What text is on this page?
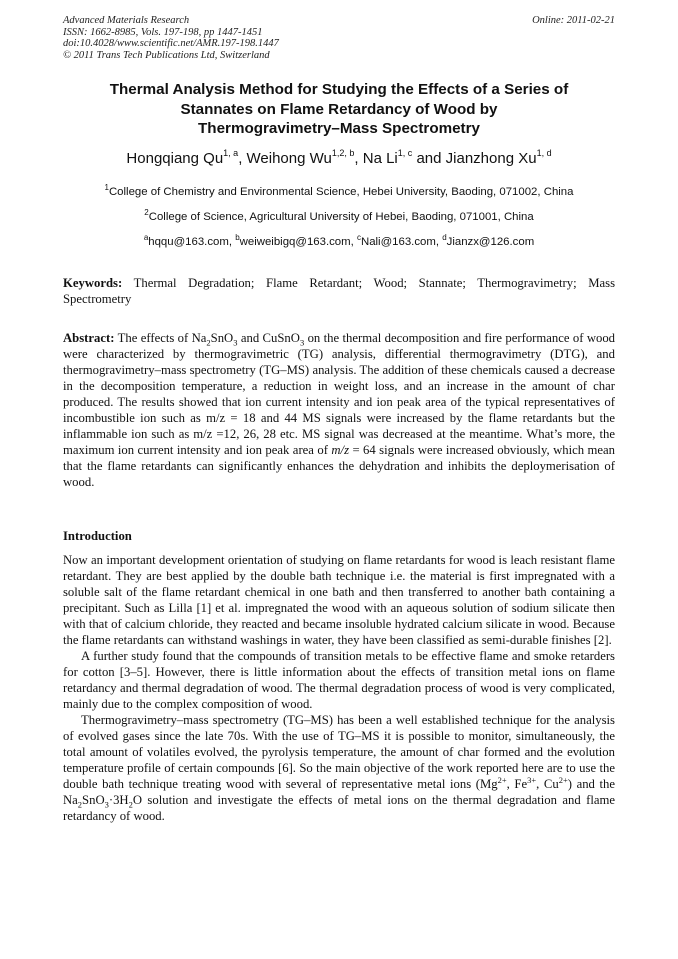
Advanced Materials Research
ISSN: 1662-8985, Vols. 197-198, pp 1447-1451
doi:10.4028/www.scientific.net/AMR.197-198.1447
© 2011 Trans Tech Publications Ltd, Switzerland
Online: 2011-02-21
Thermal Analysis Method for Studying the Effects of a Series of
Stannates on Flame Retardancy of Wood by
Thermogravimetry–Mass Spectrometry
Hongqiang Qu$^{1, a}$, Weihong Wu$^{1,2, b}$, Na Li$^{1, c}$ and Jianzhong Xu$^{1, d}$
$^1$College of Chemistry and Environmental Science, Hebei University, Baoding, 071002, China
$^2$College of Science, Agricultural University of Hebei, Baoding, 071001, China
$^a$hqqu@163.com, $^b$weiweibigq@163.com, $^c$Nali@163.com, $^d$Jianzx@126.com
Keywords: Thermal Degradation; Flame Retardant; Wood; Stannate; Thermogravimetry; Mass Spectrometry
Abstract: The effects of $Na_2SnO_3$ and CuSnO$_3$ on the thermal decomposition and fire performance of wood were characterized by thermogravimetric (TG) analysis, differential thermogravimetry (DTG), and thermogravimetry–mass spectrometry (TG–MS) analysis. The addition of these chemicals caused a decrease in the decomposition temperature, a reduction in weight loss, and an increase in the amount of char produced. The results showed that ion current intensity and ion peak area of the typical representatives of incombustible ion such as m/z = 18 and 44 MS signals were increased by the flame retardants but the inflammable ion such as m/z =12, 26, 28 etc. MS signal was decreased at the meantime. What’s more, the maximum ion current intensity and ion peak area of m/z = 64 signals were increased obviously, which mean that the flame retardants can significantly enhances the dehydration and inhibits the deploymerisation of wood.
Introduction

Now an important development orientation of studying on flame retardants for wood is leach resistant flame retardant. They are best applied by the double bath technique i.e. the material is first impregnated with a soluble salt of the flame retardant chemical in one bath and then transferred to another bath containing a precipitant. Such as Lilla [1] et al. impregnated the wood with an aqueous solution of sodium silicate then with that of calcium chloride, they reacted and became insoluble hydrated calcium silicate in wood. Because the flame retardants can withstand washings in water, they have been classified as semi-durable finishes [2].

A further study found that the compounds of transition metals to be effective flame and smoke retarders for cotton [3–5]. However, there is little information about the effects of transition metal ions on flame retardancy and thermal degradation of wood. The thermal degradation process of wood is very complicated, mainly due to the complex composition of wood.

Thermogravimetry–mass spectrometry (TG–MS) has been a well established technique for the analysis of evolved gases since the late 70s. With the use of TG–MS it is possible to monitor, simultaneously, the total amount of volatiles evolved, the pyrolysis temperature, the amount of char formed and the evolution temperature profile of certain compounds [6]. So the main objective of the work reported here are to use the double bath technique treating wood with several of representative metal ions ($Mg^{2+}$, $Fe^{3+}$, $Cu^{2+}$) and the $Na_2SnO_3\cdot 3H_2O$ solution and investigate the effects of metal ions on the thermal degradation and flame retardancy of wood.
